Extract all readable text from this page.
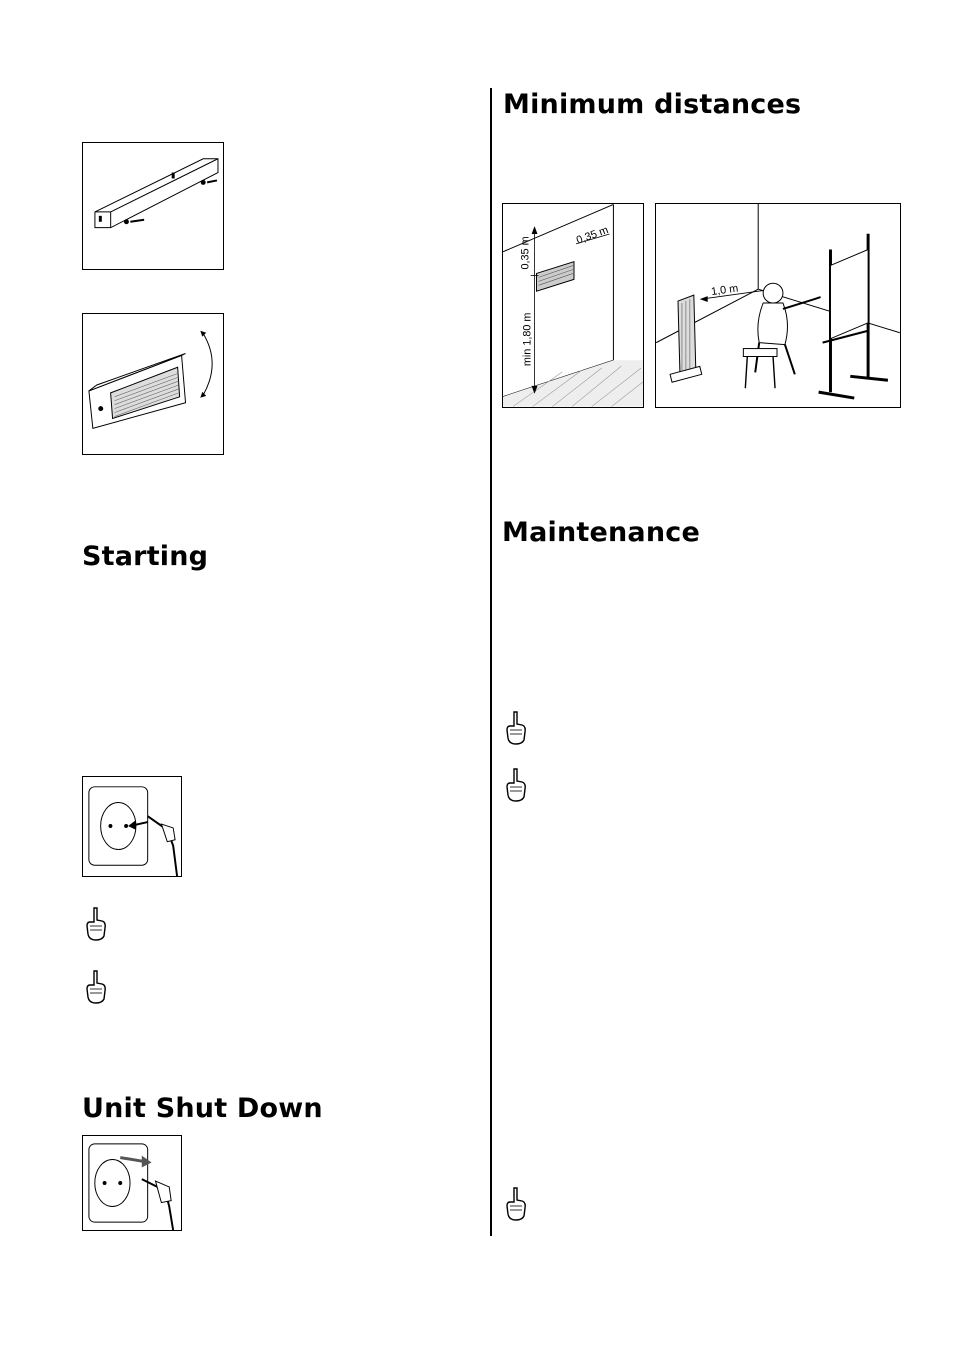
Starting
Unit Shut Down
Minimum distances
0,35 m
0,35 m
min 1,80 m
1,0 m
Maintenance
